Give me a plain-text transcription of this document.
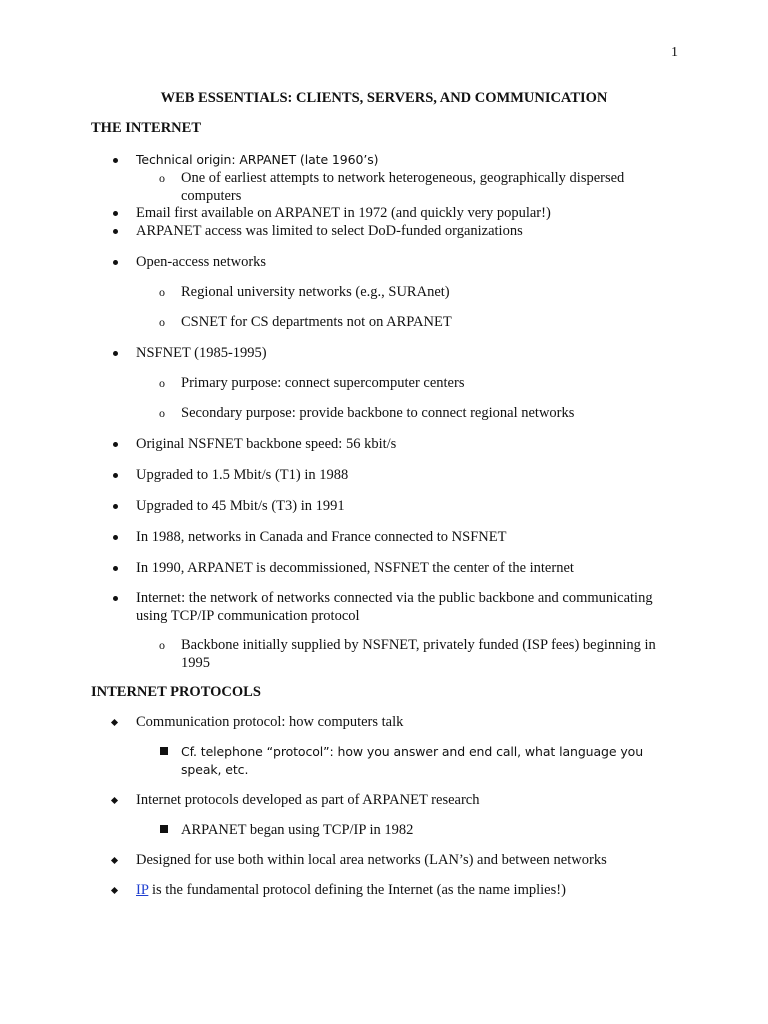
1
WEB ESSENTIALS: CLIENTS, SERVERS, AND COMMUNICATION
THE INTERNET
Technical origin: ARPANET (late 1960’s)
o One of earliest attempts to network heterogeneous, geographically dispersed computers
Email first available on ARPANET in 1972 (and quickly very popular!)
ARPANET access was limited to select DoD-funded organizations
Open-access networks
o Regional university networks (e.g., SURAnet)
o CSNET for CS departments not on ARPANET
NSFNET (1985-1995)
o Primary purpose: connect supercomputer centers
o Secondary purpose: provide backbone to connect regional networks
Original NSFNET backbone speed: 56 kbit/s
Upgraded to 1.5 Mbit/s (T1) in 1988
Upgraded to 45 Mbit/s (T3) in 1991
In 1988, networks in Canada and France connected to NSFNET
In 1990, ARPANET is decommissioned, NSFNET the center of the internet
Internet: the network of networks connected via the public backbone and communicating using TCP/IP communication protocol
o Backbone initially supplied by NSFNET, privately funded (ISP fees) beginning in 1995
INTERNET PROTOCOLS
Communication protocol: how computers talk
Cf. telephone “protocol”: how you answer and end call, what language you speak, etc.
Internet protocols developed as part of ARPANET research
ARPANET began using TCP/IP in 1982
Designed for use both within local area networks (LAN’s) and between networks
IP is the fundamental protocol defining the Internet (as the name implies!)
